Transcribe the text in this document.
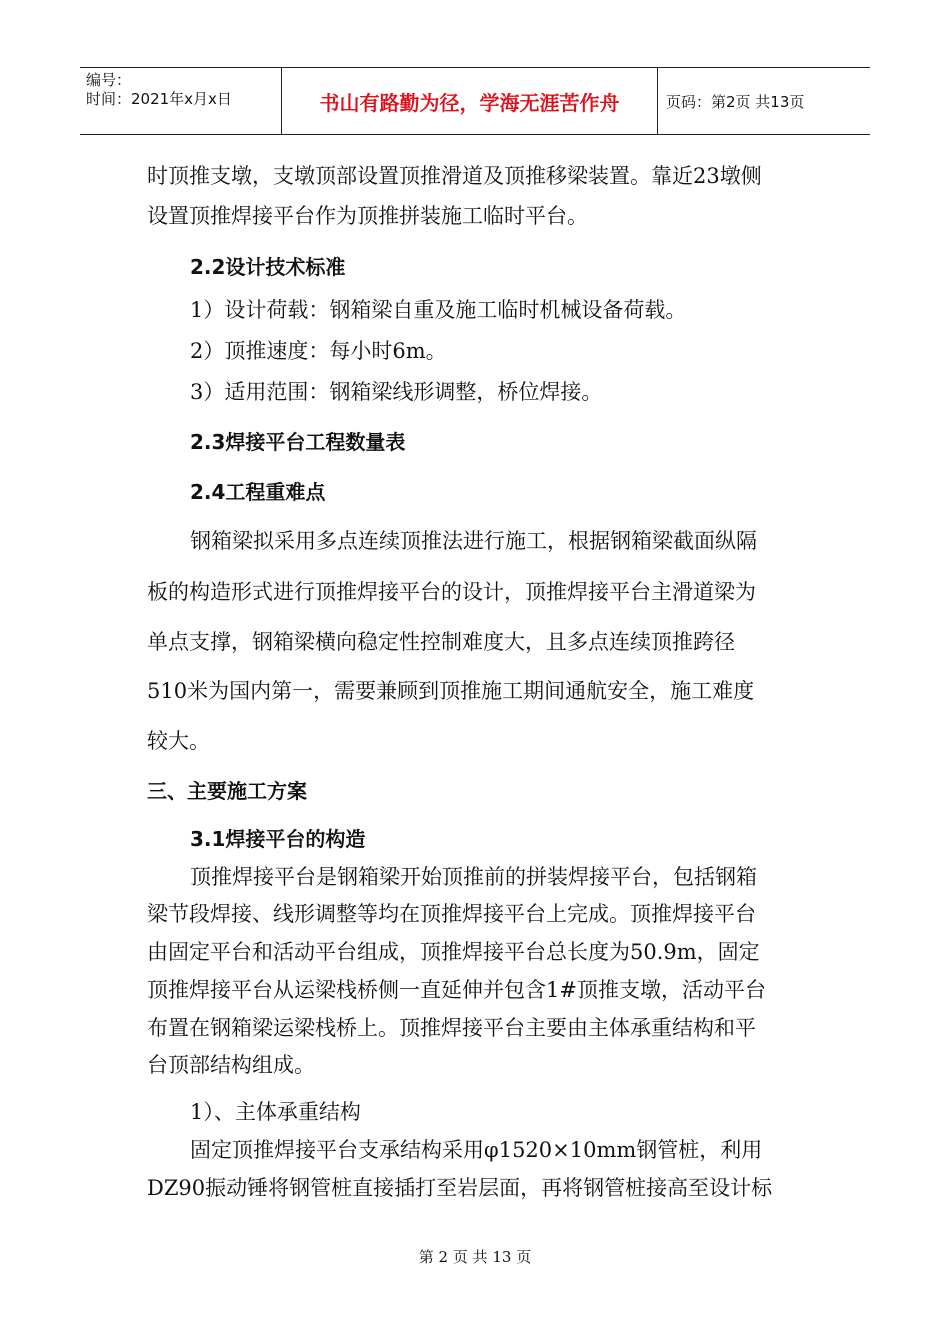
编号：
时间：2021年x月x日	书山有路勤为径，学海无涯苦作舟	页码：第2页 共13页
时顶推支墩，支墩顶部设置顶推滑道及顶推移梁装置。靠近23墩侧
设置顶推焊接平台作为顶推拼装施工临时平台。
2.2设计技术标准
1）设计荷载：钢箱梁自重及施工临时机械设备荷载。
2）顶推速度：每小时6m。
3）适用范围：钢箱梁线形调整，桥位焊接。
2.3焊接平台工程数量表
2.4工程重难点
钢箱梁拟采用多点连续顶推法进行施工，根据钢箱梁截面纵隔
板的构造形式进行顶推焊接平台的设计，顶推焊接平台主滑道梁为
单点支撑，钢箱梁横向稳定性控制难度大，且多点连续顶推跨径
510米为国内第一，需要兼顾到顶推施工期间通航安全，施工难度
较大。
三、主要施工方案
3.1焊接平台的构造
顶推焊接平台是钢箱梁开始顶推前的拼装焊接平台，包括钢箱
梁节段焊接、线形调整等均在顶推焊接平台上完成。顶推焊接平台
由固定平台和活动平台组成，顶推焊接平台总长度为50.9m，固定
顶推焊接平台从运梁栈桥侧一直延伸并包含1#顶推支墩，活动平台
布置在钢箱梁运梁栈桥上。顶推焊接平台主要由主体承重结构和平
台顶部结构组成。
1）、主体承重结构
固定顶推焊接平台支承结构采用φ1520×10mm钢管桩，利用
DZ90振动锤将钢管桩直接插打至岩层面，再将钢管桩接高至设计标
第 2 页 共 13 页
